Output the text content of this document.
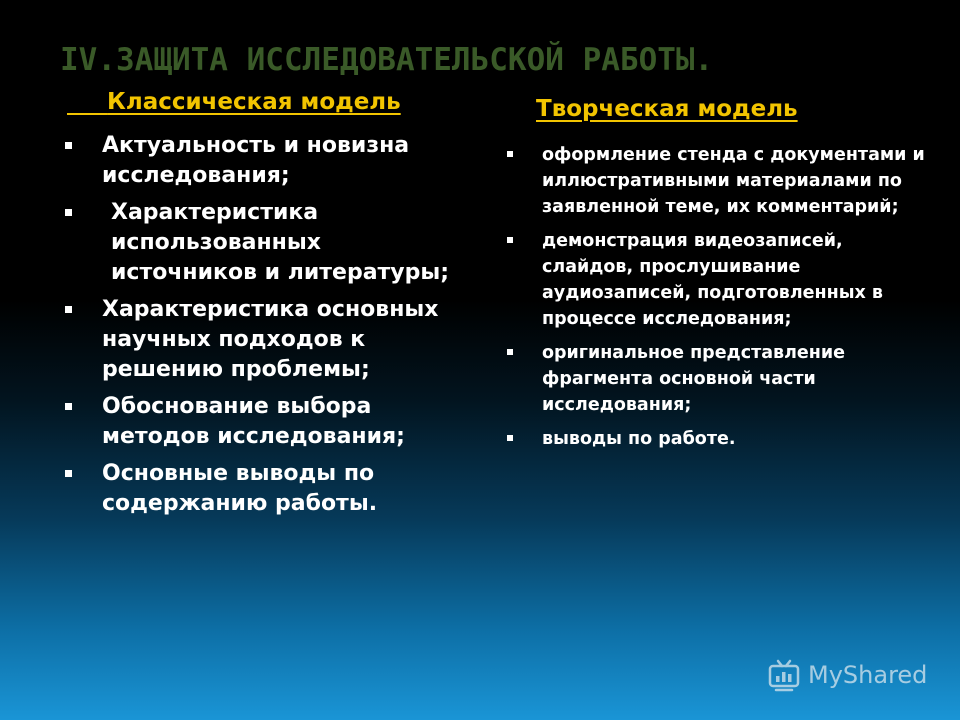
IV.ЗАЩИТА ИССЛЕДОВАТЕЛЬСКОЙ РАБОТЫ.
Классическая модель	Творческая модель
Актуальность и новизна исследования;
Характеристика использованных источников и литературы;
Характеристика основных научных подходов к решению проблемы;
Обоснование выбора методов исследования;
Основные выводы по содержанию работы.
оформление стенда с документами и иллюстративными материалами по заявленной теме, их комментарий;
демонстрация видеозаписей, слайдов, прослушивание аудиозаписей, подготовленных в процессе исследования;
оригинальное представление фрагмента основной части исследования;
выводы по работе.
MyShared
